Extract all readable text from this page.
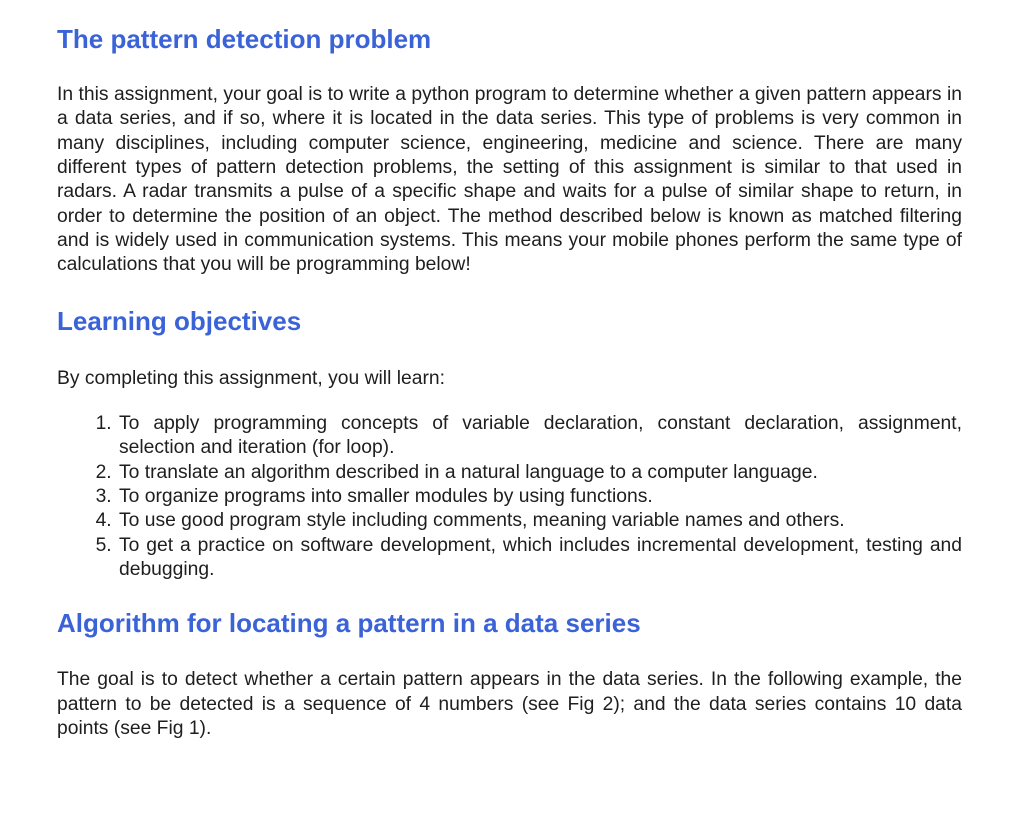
The pattern detection problem

In this assignment, your goal is to write a python program to determine whether a given pattern appears in a data series, and if so, where it is located in the data series. This type of problems is very common in many disciplines, including computer science, engineering, medicine and science. There are many different types of pattern detection problems, the setting of this assignment is similar to that used in radars. A radar transmits a pulse of a specific shape and waits for a pulse of similar shape to return, in order to determine the position of an object. The method described below is known as matched filtering and is widely used in communication systems. This means your mobile phones perform the same type of calculations that you will be programming below!

Learning objectives

By completing this assignment, you will learn:

1. To apply programming concepts of variable declaration, constant declaration, assignment, selection and iteration (for loop).
2. To translate an algorithm described in a natural language to a computer language.
3. To organize programs into smaller modules by using functions.
4. To use good program style including comments, meaning variable names and others.
5. To get a practice on software development, which includes incremental development, testing and debugging.
Algorithm for locating a pattern in a data series

The goal is to detect whether a certain pattern appears in the data series. In the following example, the pattern to be detected is a sequence of 4 numbers (see Fig 2); and the data series contains 10 data points (see Fig 1).
